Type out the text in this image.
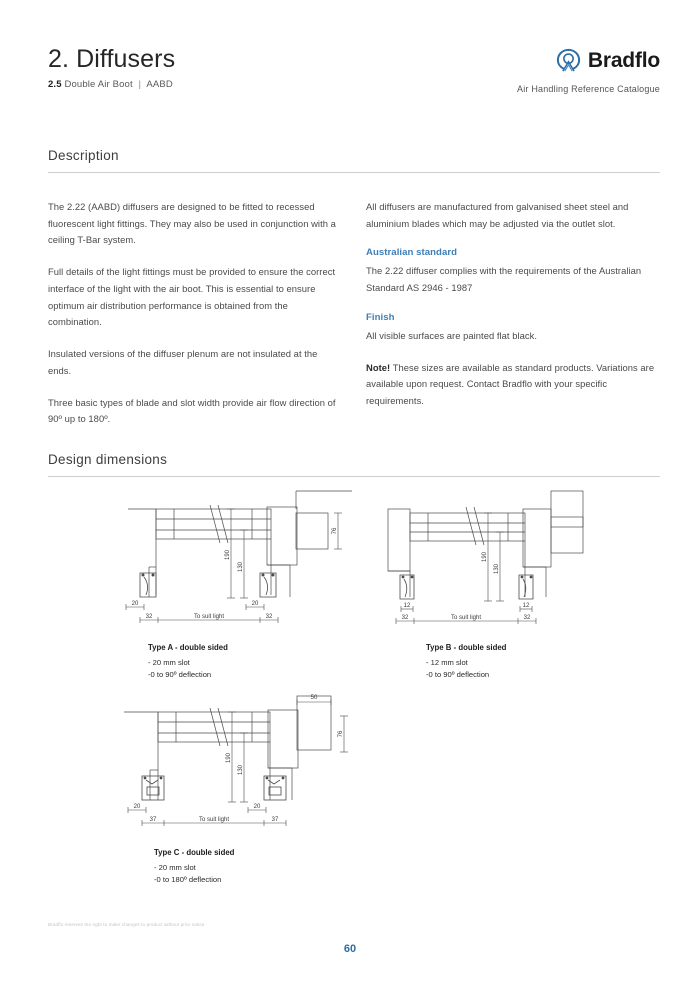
2. Diffusers
2.5 Double Air Boot | AABD
Bradflo
Air Handling Reference Catalogue
Description

The 2.22 (AABD) diffusers are designed to be fitted to recessed fluorescent light fittings. They may also be used in conjunction with a ceiling T-Bar system.

Full details of the light fittings must be provided to ensure the correct interface of the light with the air boot. This is essential to ensure optimum air distribution performance is obtained from the combination.

Insulated versions of the diffuser plenum are not insulated at the ends.

Three basic types of blade and slot width provide air flow direction of 90º up to 180º.

All diffusers are manufactured from galvanised sheet steel and aluminium blades which may be adjusted via the outlet slot.

Australian standard

The 2.22 diffuser complies with the requirements of the Australian Standard AS 2946 - 1987

Finish

All visible surfaces are painted flat black.

Note! These sizes are available as standard products. Variations are available upon request. Contact Bradflo with your specific requirements.

Design dimensions
190
130
76
20
32
20
32
To suit light
Type A - double sided
- 20 mm slot
-0 to 90º deflection
190
130
12
32
12
32
To suit light
Type B - double sided
- 12 mm slot
-0 to 90º deflection
50
76
190
130
20
37
20
37
To suit light
Type C - double sided
- 20 mm slot
-0 to 180º deflection
Bradflo reserves the right to make changes to product without prior notice
60
